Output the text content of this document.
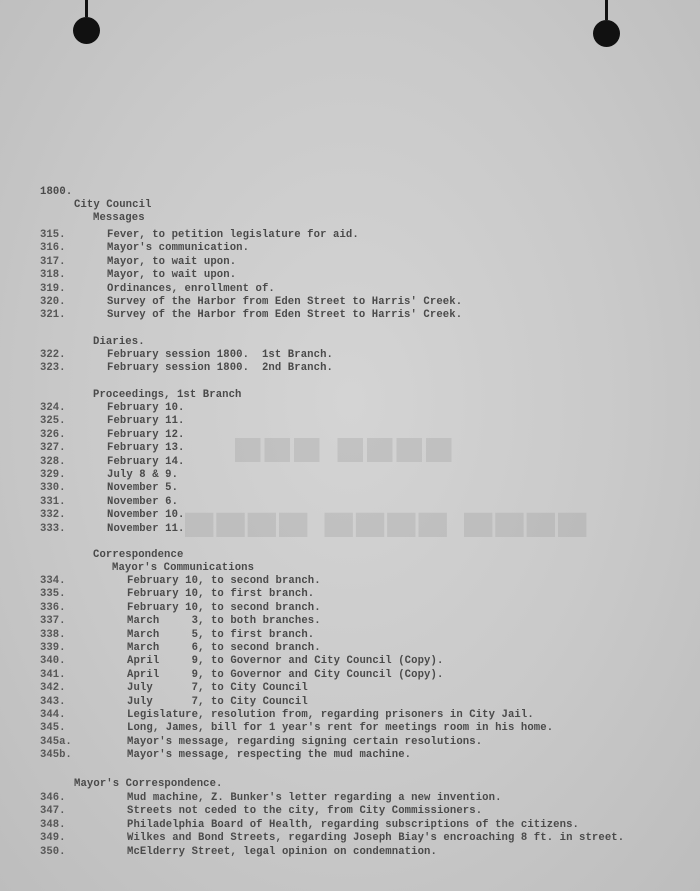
▀▀▀ ▀▀▀▀
▄▄▄▄ ▄▄▄▄ ▄▄▄▄
1800.
City Council
Messages
315.	Fever, to petition legislature for aid.
316.	Mayor's communication.
317.	Mayor, to wait upon.
318.	Mayor, to wait upon.
319.	Ordinances, enrollment of.
320.	Survey of the Harbor from Eden Street to Harris' Creek.
321.	Survey of the Harbor from Eden Street to Harris' Creek.
Diaries.
322.	February session 1800.  1st Branch.
323.	February session 1800.  2nd Branch.
Proceedings, 1st Branch
324.	February 10.
325.	February 11.
326.	February 12.
327.	February 13.
328.	February 14.
329.	July 8 & 9.
330.	November 5.
331.	November 6.
332.	November 10.
333.	November 11.
Correspondence
Mayor's Communications
334.	February 10, to second branch.
335.	February 10, to first branch.
336.	February 10, to second branch.
337.	March     3, to both branches.
338.	March     5, to first branch.
339.	March     6, to second branch.
340.	April     9, to Governor and City Council (Copy).
341.	April     9, to Governor and City Council (Copy).
342.	July      7, to City Council
343.	July      7, to City Council
344.	Legislature, resolution from, regarding prisoners in City Jail.
345.	Long, James, bill for 1 year's rent for meetings room in his home.
345a.	Mayor's message, regarding signing certain resolutions.
345b.	Mayor's message, respecting the mud machine.
Mayor's Correspondence.
346.	Mud machine, Z. Bunker's letter regarding a new invention.
347.	Streets not ceded to the city, from City Commissioners.
348.	Philadelphia Board of Health, regarding subscriptions of the citizens.
349.	Wilkes and Bond Streets, regarding Joseph Biay's encroaching 8 ft. in street.
350.	McElderry Street, legal opinion on condemnation.
